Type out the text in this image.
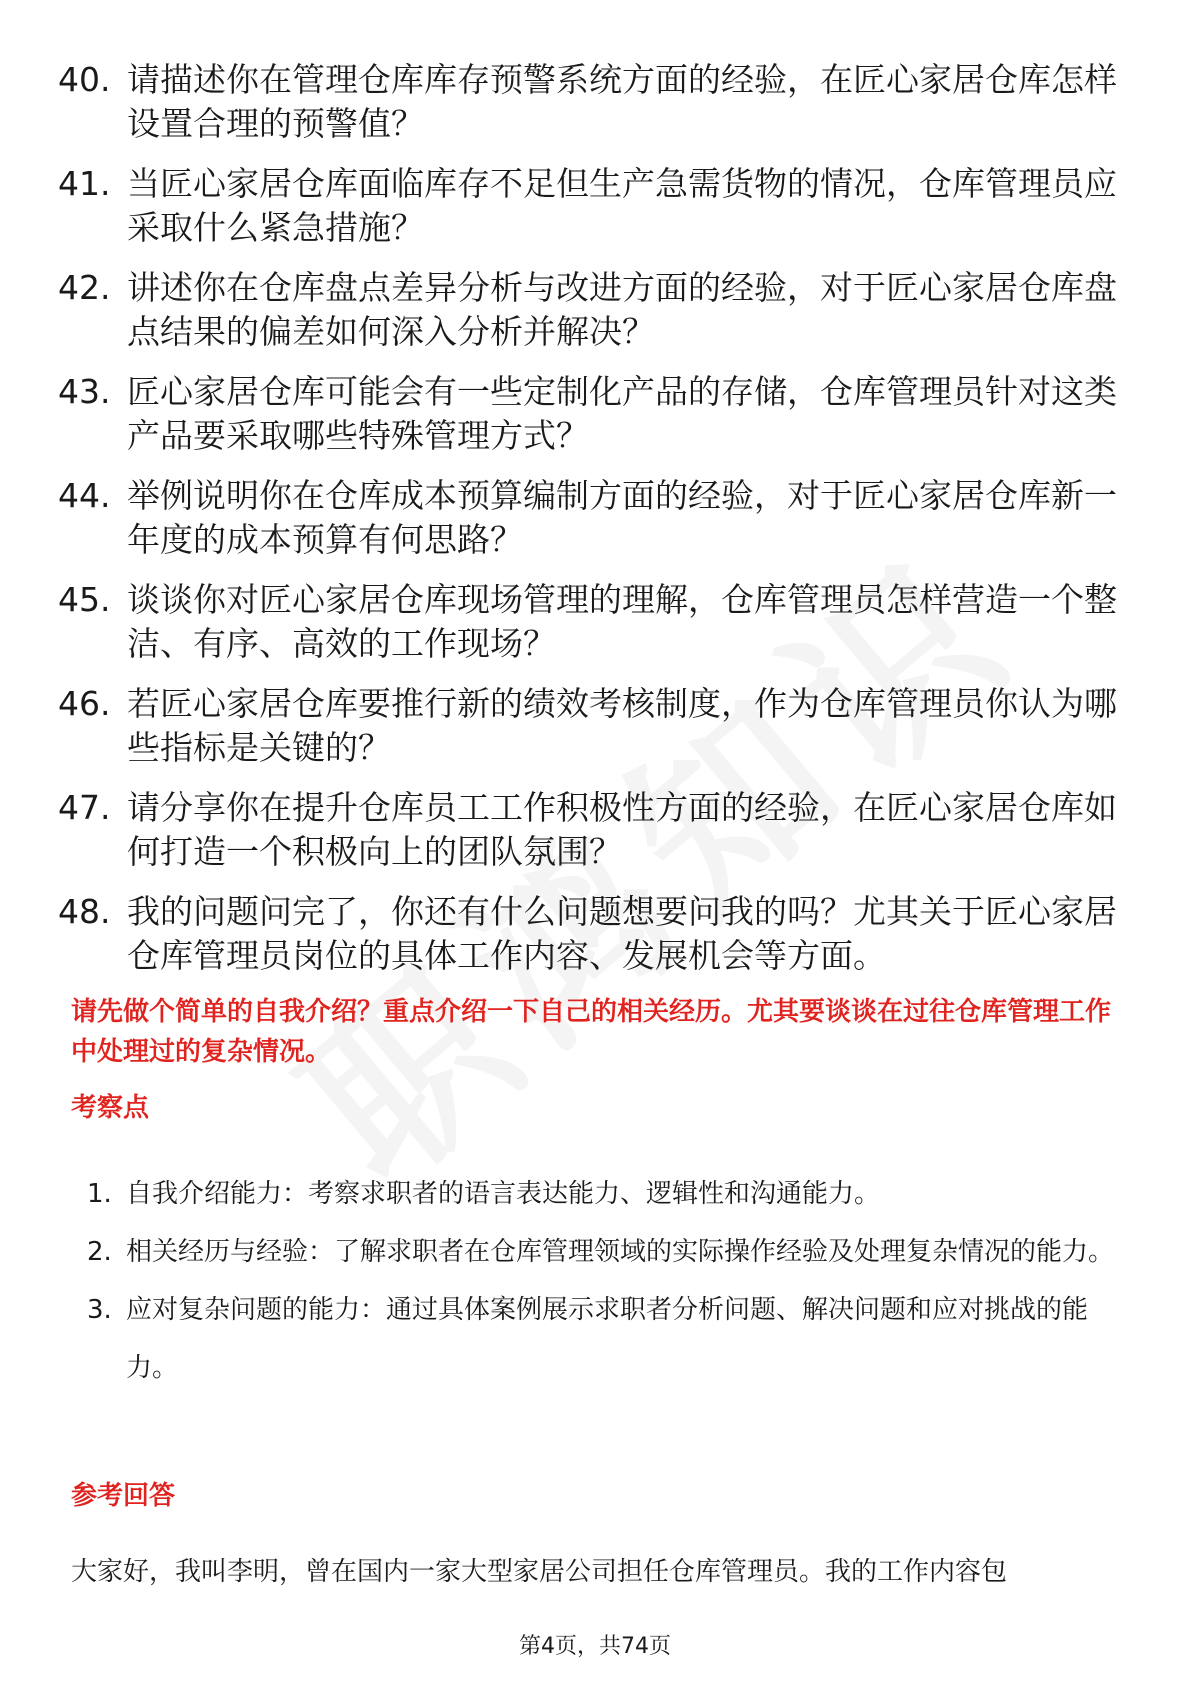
40. 请描述你在管理仓库库存预警系统方面的经验，在匠心家居仓库怎样设置合理的预警值？
41. 当匠心家居仓库面临库存不足但生产急需货物的情况，仓库管理员应采取什么紧急措施？
42. 讲述你在仓库盘点差异分析与改进方面的经验，对于匠心家居仓库盘点结果的偏差如何深入分析并解决？
43. 匠心家居仓库可能会有一些定制化产品的存储，仓库管理员针对这类产品要采取哪些特殊管理方式？
44. 举例说明你在仓库成本预算编制方面的经验，对于匠心家居仓库新一年度的成本预算有何思路？
45. 谈谈你对匠心家居仓库现场管理的理解，仓库管理员怎样营造一个整洁、有序、高效的工作现场？
46. 若匠心家居仓库要推行新的绩效考核制度，作为仓库管理员你认为哪些指标是关键的？
47. 请分享你在提升仓库员工工作积极性方面的经验，在匠心家居仓库如何打造一个积极向上的团队氛围？
48. 我的问题问完了，你还有什么问题想要问我的吗？尤其关于匠心家居仓库管理员岗位的具体工作内容、发展机会等方面。
请先做个简单的自我介绍？重点介绍一下自己的相关经历。尤其要谈谈在过往仓库管理工作中处理过的复杂情况。
考察点
1. 自我介绍能力：考察求职者的语言表达能力、逻辑性和沟通能力。
2. 相关经历与经验：了解求职者在仓库管理领域的实际操作经验及处理复杂情况的能力。
3. 应对复杂问题的能力：通过具体案例展示求职者分析问题、解决问题和应对挑战的能力。
参考回答
大家好，我叫李明，曾在国内一家大型家居公司担任仓库管理员。我的工作内容包
第4页，共74页
